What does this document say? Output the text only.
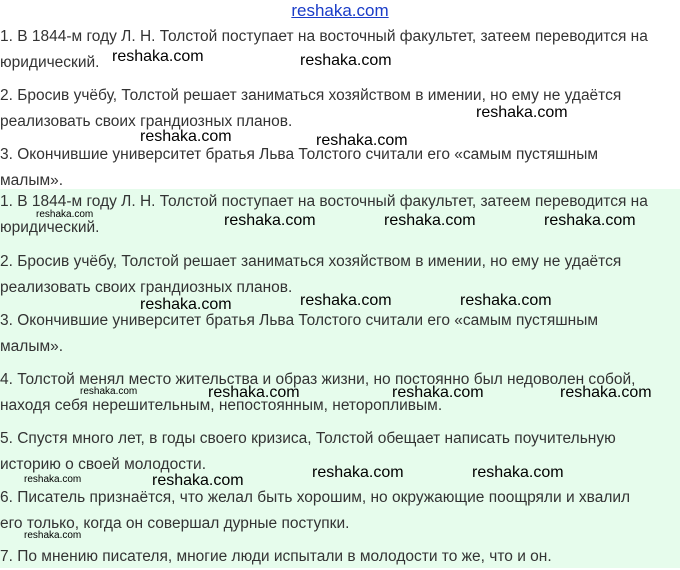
reshaka.com
1. В 1844-м году Л. Н. Толстой поступает на восточный факультет, затеем переводится на
юридический.
2. Бросив учёбу, Толстой решает заниматься хозяйством в имении, но ему не удаётся
реализовать своих грандиозных планов.
3. Окончившие университет братья Льва Толстого считали его «самым пустяшным
малым».
1. В 1844-м году Л. Н. Толстой поступает на восточный факультет, затеем переводится на
юридический.
2. Бросив учёбу, Толстой решает заниматься хозяйством в имении, но ему не удаётся
реализовать своих грандиозных планов.
3. Окончившие университет братья Льва Толстого считали его «самым пустяшным
малым».
4. Толстой менял место жительства и образ жизни, но постоянно был недоволен собой,
находя себя нерешительным, непостоянным, неторопливым.
5. Спустя много лет, в годы своего кризиса, Толстой обещает написать поучительную
историю о своей молодости.
6. Писатель признаётся, что желал быть хорошим, но окружающие поощряли и хвалил
его только, когда он совершал дурные поступки.
7. По мнению писателя, многие люди испытали в молодости то же, что и он.
reshaka.com	reshaka.com
reshaka.com
reshaka.com	reshaka.com
reshaka.com	reshaka.com	reshaka.com	reshaka.com
reshaka.com	reshaka.com
reshaka.com
reshaka.com	reshaka.com	reshaka.com	reshaka.com
reshaka.com	reshaka.com
reshaka.com	reshaka.com
reshaka.com
